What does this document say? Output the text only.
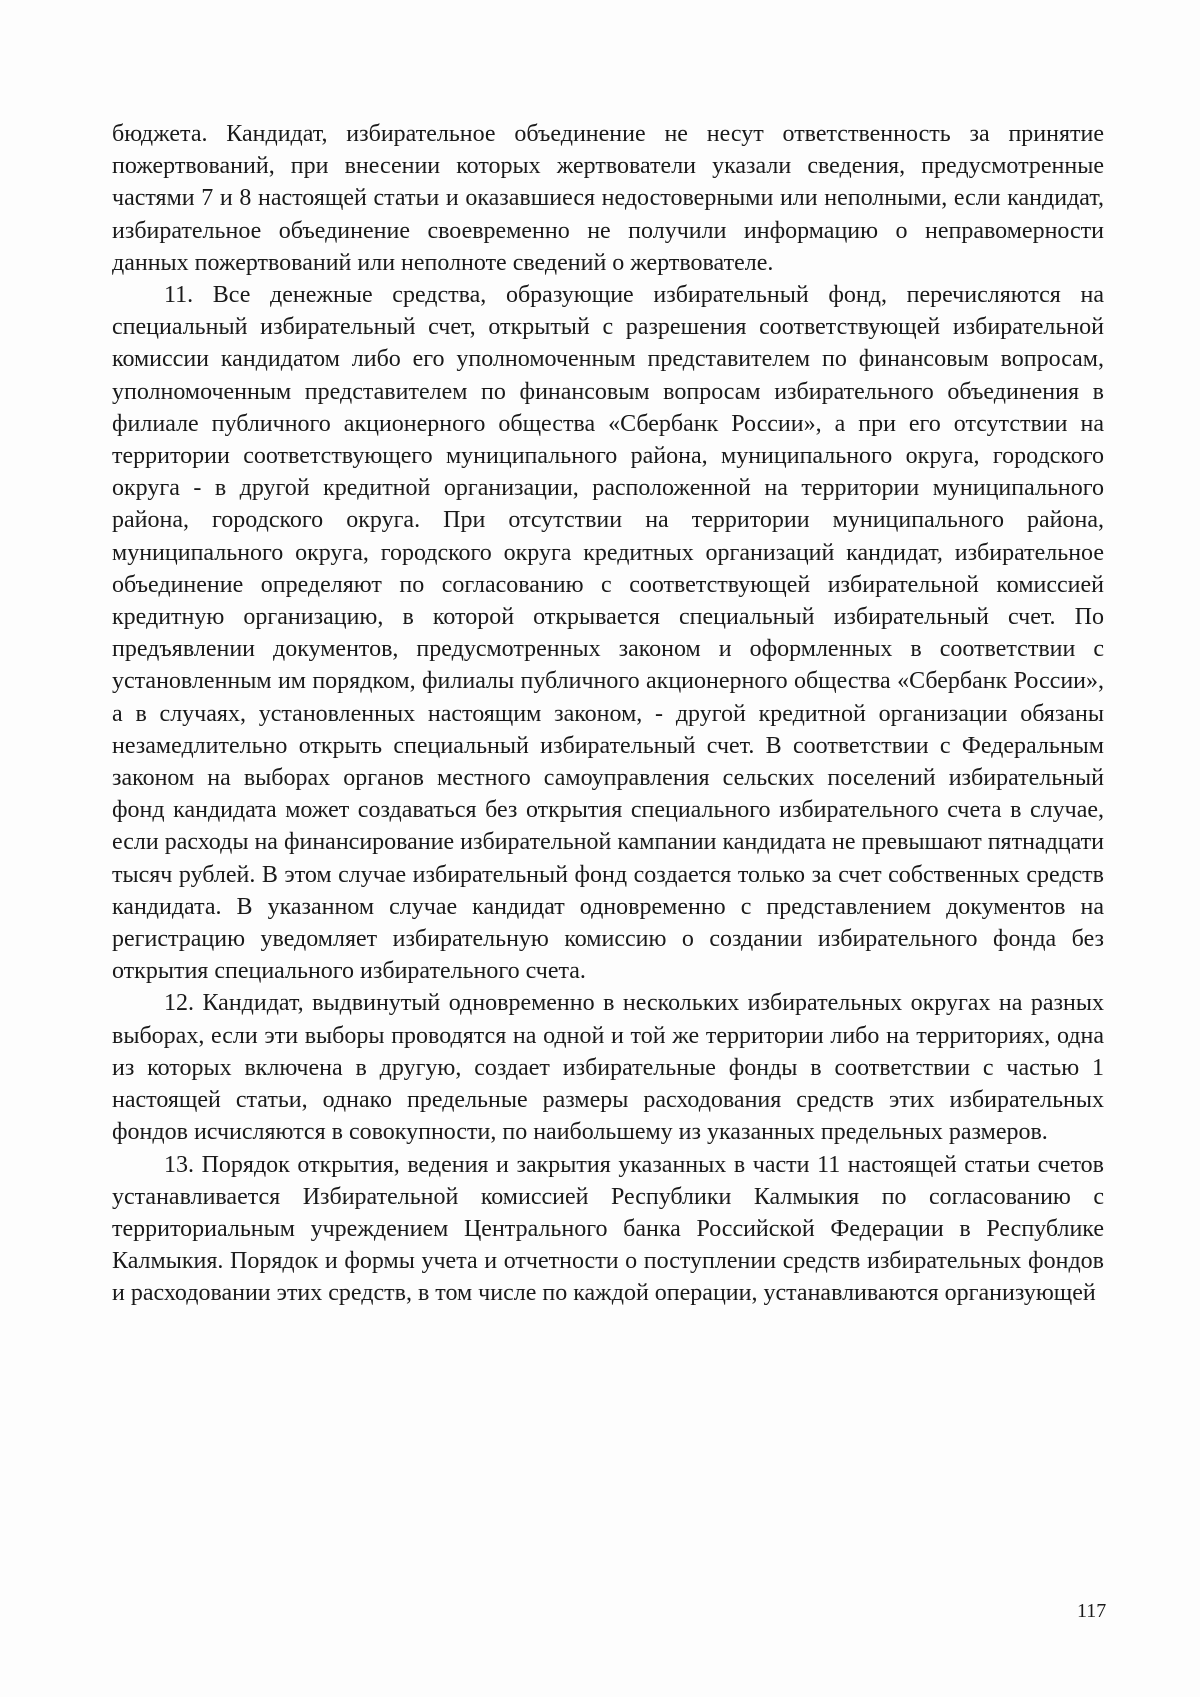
бюджета. Кандидат, избирательное объединение не несут ответственность за принятие пожертвований, при внесении которых жертвователи указали сведения, предусмотренные частями 7 и 8 настоящей статьи и оказавшиеся недостоверными или неполными, если кандидат, избирательное объединение своевременно не получили информацию о неправомерности данных пожертвований или неполноте сведений о жертвователе.

11. Все денежные средства, образующие избирательный фонд, перечисляются на специальный избирательный счет, открытый с разрешения соответствующей избирательной комиссии кандидатом либо его уполномоченным представителем по финансовым вопросам, уполномоченным представителем по финансовым вопросам избирательного объединения в филиале публичного акционерного общества «Сбербанк России», а при его отсутствии на территории соответствующего муниципального района, муниципального округа, городского округа - в другой кредитной организации, расположенной на территории муниципального района, городского округа. При отсутствии на территории муниципального района, муниципального округа, городского округа кредитных организаций кандидат, избирательное объединение определяют по согласованию с соответствующей избирательной комиссией кредитную организацию, в которой открывается специальный избирательный счет. По предъявлении документов, предусмотренных законом и оформленных в соответствии с установленным им порядком, филиалы публичного акционерного общества «Сбербанк России», а в случаях, установленных настоящим законом, - другой кредитной организации обязаны незамедлительно открыть специальный избирательный счет. В соответствии с Федеральным законом на выборах органов местного самоуправления сельских поселений избирательный фонд кандидата может создаваться без открытия специального избирательного счета в случае, если расходы на финансирование избирательной кампании кандидата не превышают пятнадцати тысяч рублей. В этом случае избирательный фонд создается только за счет собственных средств кандидата. В указанном случае кандидат одновременно с представлением документов на регистрацию уведомляет избирательную комиссию о создании избирательного фонда без открытия специального избирательного счета.

12. Кандидат, выдвинутый одновременно в нескольких избирательных округах на разных выборах, если эти выборы проводятся на одной и той же территории либо на территориях, одна из которых включена в другую, создает избирательные фонды в соответствии с частью 1 настоящей статьи, однако предельные размеры расходования средств этих избирательных фондов исчисляются в совокупности, по наибольшему из указанных предельных размеров.

13. Порядок открытия, ведения и закрытия указанных в части 11 настоящей статьи счетов устанавливается Избирательной комиссией Республики Калмыкия по согласованию с территориальным учреждением Центрального банка Российской Федерации в Республике Калмыкия. Порядок и формы учета и отчетности о поступлении средств избирательных фондов и расходовании этих средств, в том числе по каждой операции, устанавливаются организующей

117
